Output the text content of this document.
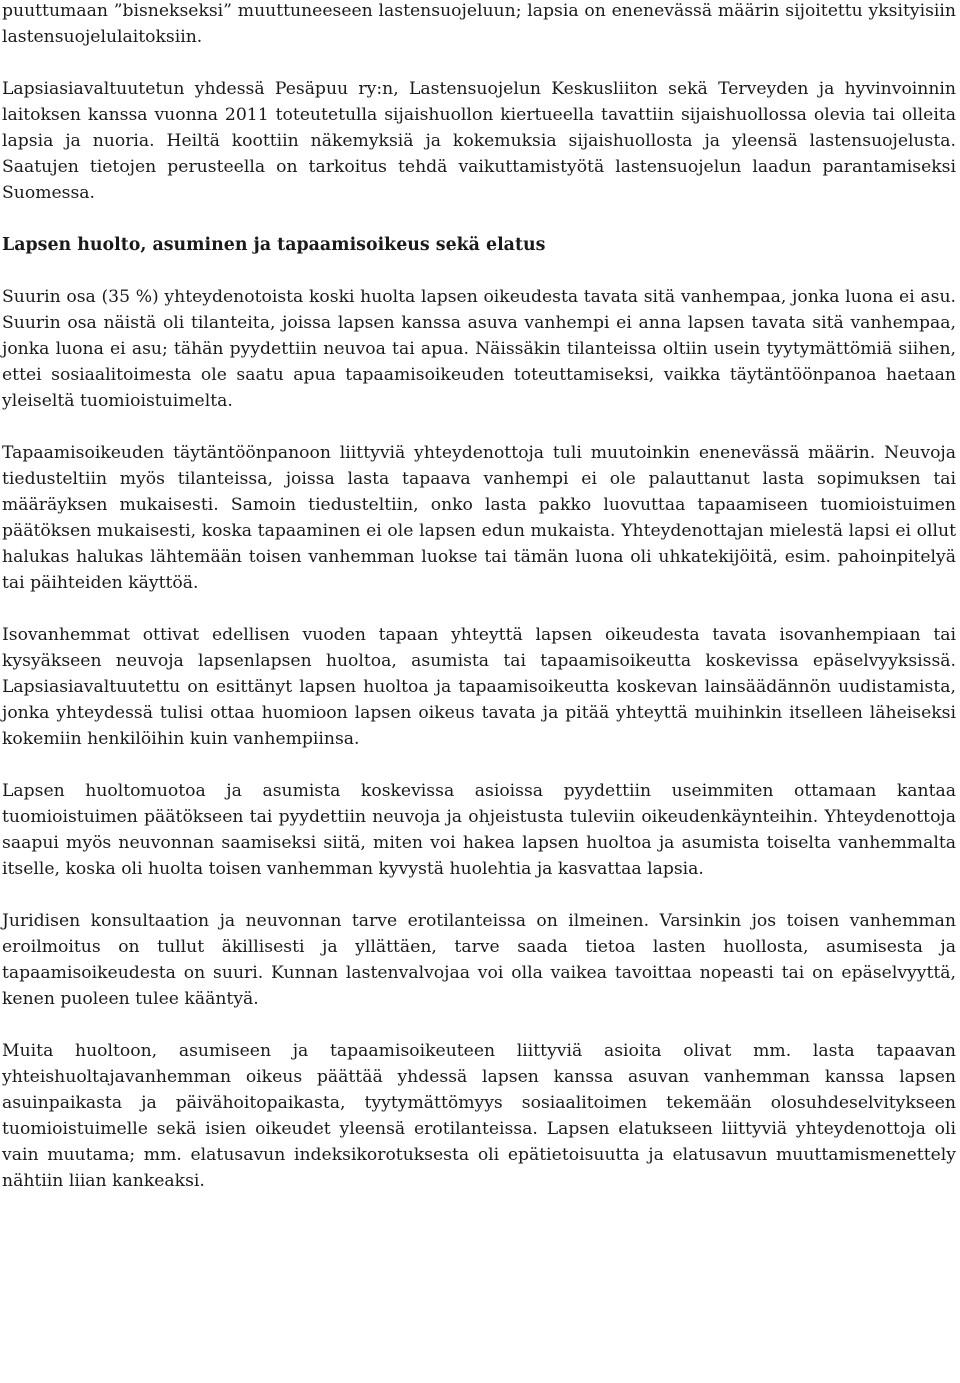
puuttumaan ”bisnekseksi” muuttuneeseen lastensuojeluun; lapsia on enenevässä määrin sijoitettu yksityisiin lastensuojelulaitoksiin.

Lapsiasiavaltuutetun yhdessä Pesäpuu ry:n, Lastensuojelun Keskusliiton sekä Terveyden ja hyvinvoinnin laitoksen kanssa vuonna 2011 toteutetulla sijaishuollon kiertueella tavattiin sijaishuollossa olevia tai olleita lapsia ja nuoria. Heiltä koottiin näkemyksiä ja kokemuksia sijaishuollosta ja yleensä lastensuojelusta. Saatujen tietojen perusteella on tarkoitus tehdä vaikuttamistyötä lastensuojelun laadun parantamiseksi Suomessa.

Lapsen huolto, asuminen ja tapaamisoikeus sekä elatus

Suurin osa (35 %) yhteydenotoista koski huolta lapsen oikeudesta tavata sitä vanhempaa, jonka luona ei asu. Suurin osa näistä oli tilanteita, joissa lapsen kanssa asuva vanhempi ei anna lapsen tavata sitä vanhempaa, jonka luona ei asu; tähän pyydettiin neuvoa tai apua. Näissäkin tilanteissa oltiin usein tyytymättömiä siihen, ettei sosiaalitoimesta ole saatu apua tapaamisoikeuden toteuttamiseksi, vaikka täytäntöönpanoa haetaan yleiseltä tuomioistuimelta.

Tapaamisoikeuden täytäntöönpanoon liittyviä yhteydenottoja tuli muutoinkin enenevässä määrin. Neuvoja tiedusteltiin myös tilanteissa, joissa lasta tapaava vanhempi ei ole palauttanut lasta sopimuksen tai määräyksen mukaisesti. Samoin tiedusteltiin, onko lasta pakko luovuttaa tapaamiseen tuomioistuimen päätöksen mukaisesti, koska tapaaminen ei ole lapsen edun mukaista. Yhteydenottajan mielestä lapsi ei ollut halukas halukas lähtemään toisen vanhemman luokse tai tämän luona oli uhkatekijöitä, esim. pahoinpitelyä tai päihteiden käyttöä.

Isovanhemmat ottivat edellisen vuoden tapaan yhteyttä lapsen oikeudesta tavata isovanhempiaan tai kysyäkseen neuvoja lapsenlapsen huoltoa, asumista tai tapaamisoikeutta koskevissa epäselvyyksissä. Lapsiasiavaltuutettu on esittänyt lapsen huoltoa ja tapaamisoikeutta koskevan lainsäädännön uudistamista, jonka yhteydessä tulisi ottaa huomioon lapsen oikeus tavata ja pitää yhteyttä muihinkin itselleen läheiseksi kokemiin henkilöihin kuin vanhempiinsa.

Lapsen huoltomuotoa ja asumista koskevissa asioissa pyydettiin useimmiten ottamaan kantaa tuomioistuimen päätökseen tai pyydettiin neuvoja ja ohjeistusta tuleviin oikeudenkäynteihin. Yhteydenottoja saapui myös neuvonnan saamiseksi siitä, miten voi hakea lapsen huoltoa ja asumista toiselta vanhemmalta itselle, koska oli huolta toisen vanhemman kyvystä huolehtia ja kasvattaa lapsia.

Juridisen konsultaation ja neuvonnan tarve erotilanteissa on ilmeinen. Varsinkin jos toisen vanhemman eroilmoitus on tullut äkillisesti ja yllättäen, tarve saada tietoa lasten huollosta, asumisesta ja tapaamisoikeudesta on suuri. Kunnan lastenvalvojaa voi olla vaikea tavoittaa nopeasti tai on epäselvyyttä, kenen puoleen tulee kääntyä.

Muita huoltoon, asumiseen ja tapaamisoikeuteen liittyviä asioita olivat mm. lasta tapaavan yhteishuoltajavanhemman oikeus päättää yhdessä lapsen kanssa asuvan vanhemman kanssa lapsen asuinpaikasta ja päivähoitopaikasta, tyytymättömyys sosiaalitoimen tekemään olosuhdeselvitykseen tuomioistuimelle sekä isien oikeudet yleensä erotilanteissa. Lapsen elatukseen liittyviä yhteydenottoja oli vain muutama; mm. elatusavun indeksikorotuksesta oli epätietoisuutta ja elatusavun muuttamismenettely nähtiin liian kankeaksi.
